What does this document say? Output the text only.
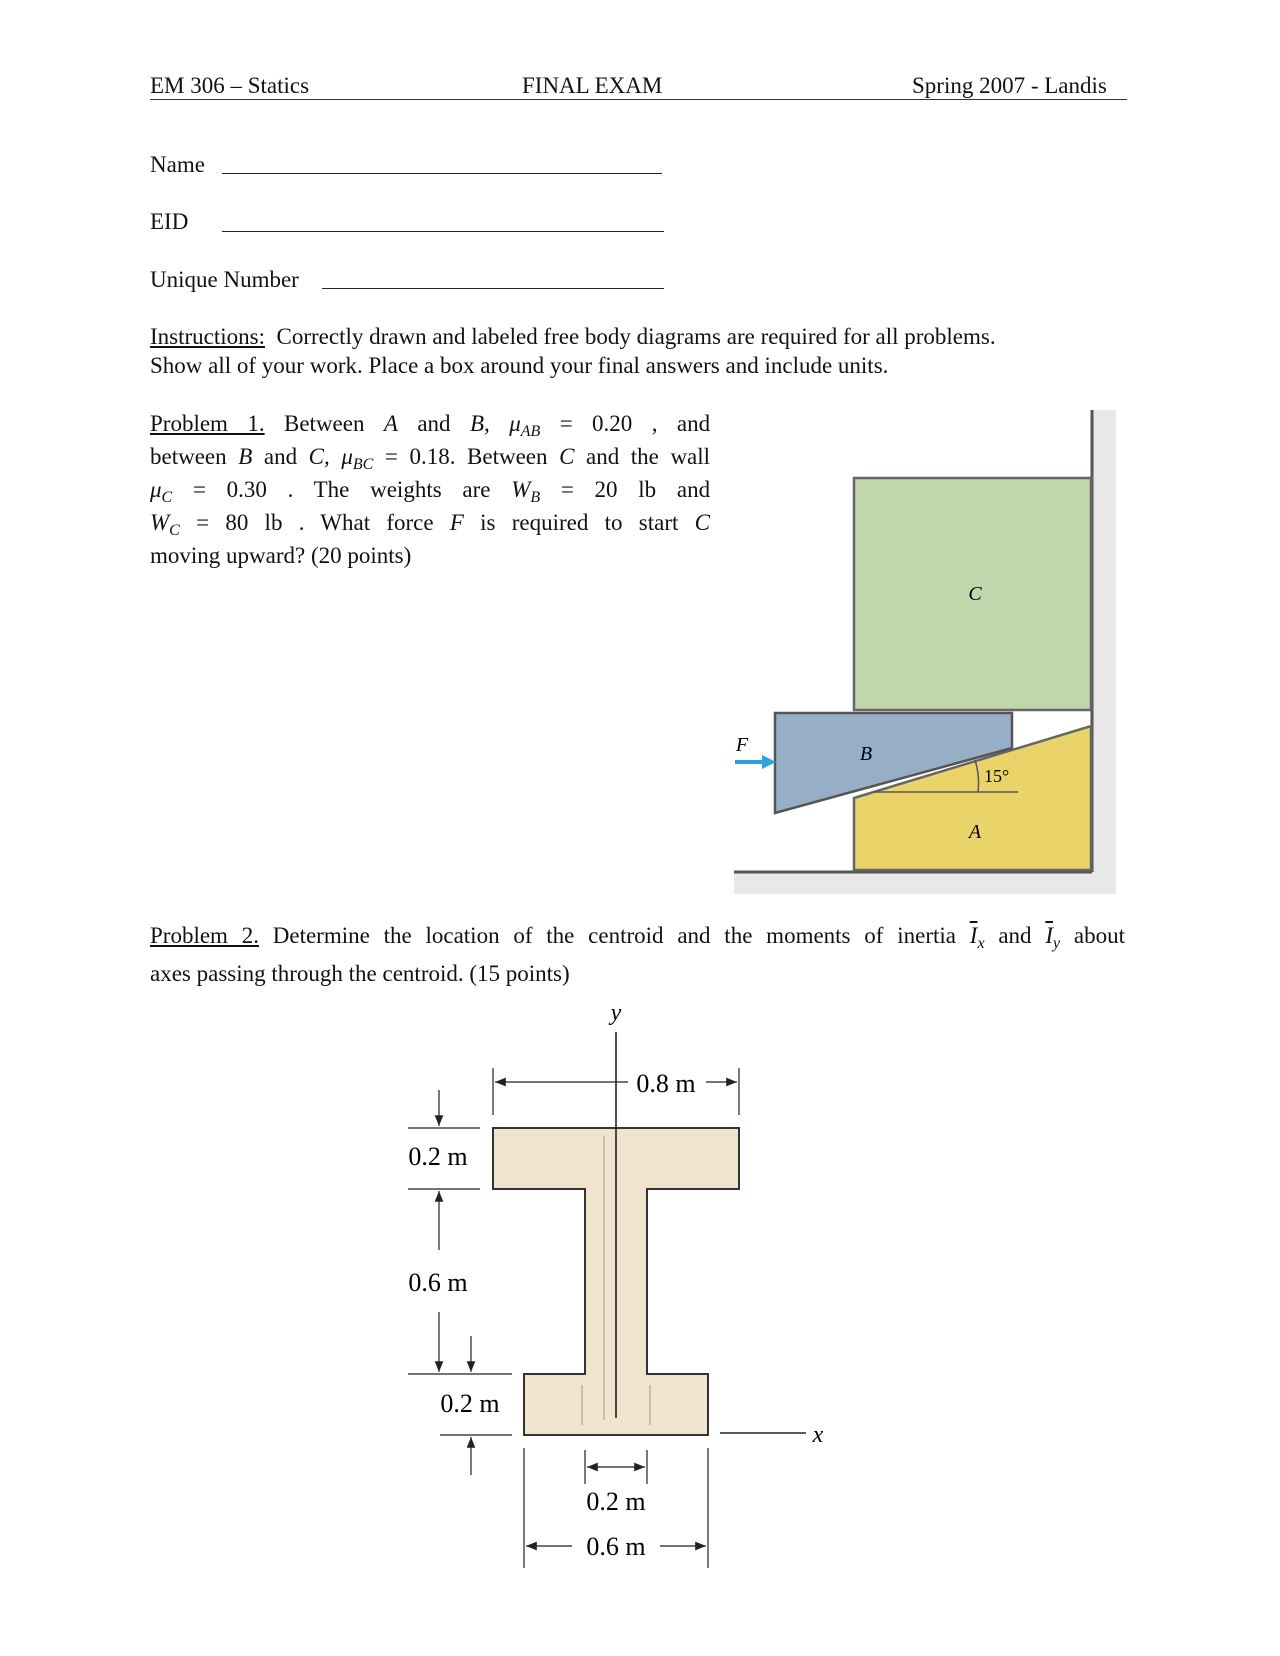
EM 306 – Statics	FINAL EXAM	Spring 2007 - Landis
Name
EID
Unique Number
Instructions: Correctly drawn and labeled free body diagrams are required for all problems.
Show all of your work. Place a box around your final answers and include units.
Problem 1. Between A and B, $\mu_{AB} = 0.20$ , and
between B and C, $\mu_{BC} = 0.18$. Between C and the wall
$\mu_C = 0.30$ . The weights are $W_B = 20$ lb and
$W_C = 80$ lb . What force F is required to start C
moving upward? (20 points)
C
B
A
F
15°
Problem 2. Determine the location of the centroid and the moments of inertia $\overline{I}_x$ and $\overline{I}_y$ about
axes passing through the centroid. (15 points)
y
x
0.8 m
0.2 m
0.6 m
0.2 m
0.2 m
0.6 m
